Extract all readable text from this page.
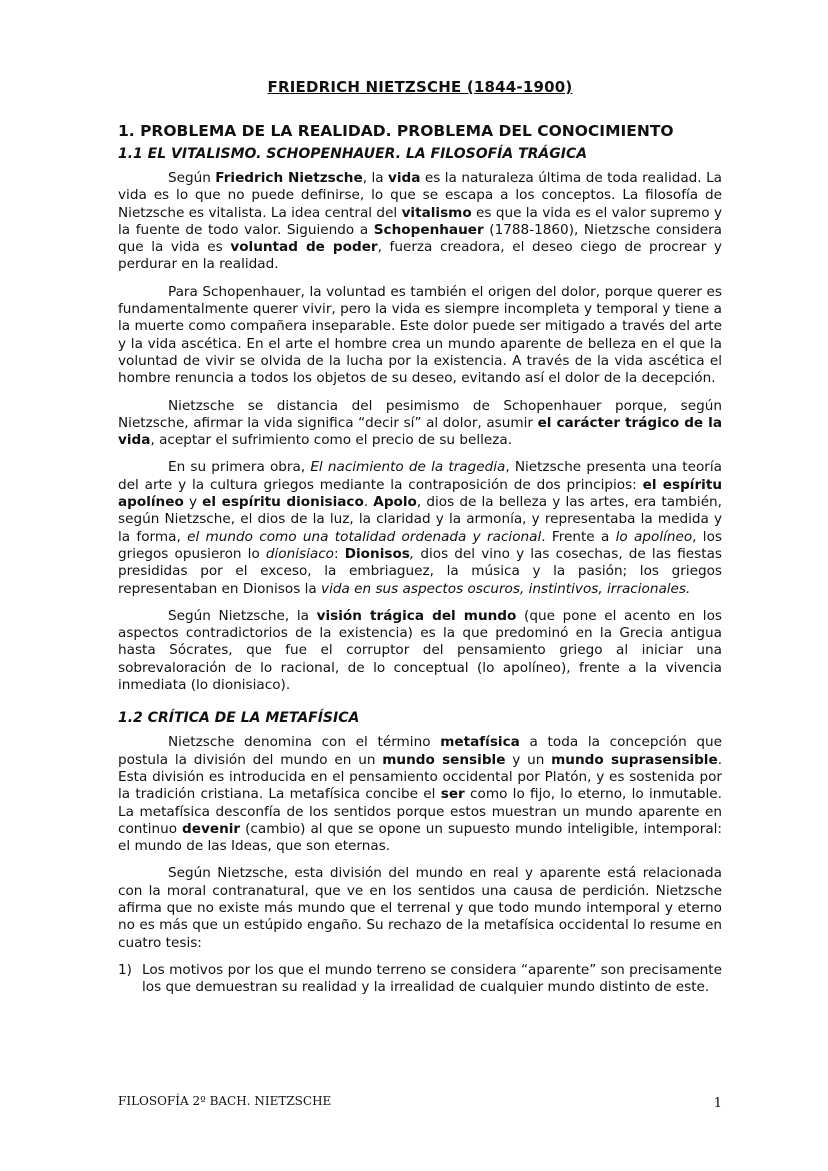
FRIEDRICH NIETZSCHE (1844-1900)
1. PROBLEMA DE LA REALIDAD. PROBLEMA DEL CONOCIMIENTO
1.1 EL VITALISMO. SCHOPENHAUER. LA FILOSOFÍA TRÁGICA

Según Friedrich Nietzsche, la vida es la naturaleza última de toda realidad. La vida es lo que no puede definirse, lo que se escapa a los conceptos. La filosofía de Nietzsche es vitalista. La idea central del vitalismo es que la vida es el valor supremo y la fuente de todo valor. Siguiendo a Schopenhauer (1788-1860), Nietzsche considera que la vida es voluntad de poder, fuerza creadora, el deseo ciego de procrear y perdurar en la realidad.

Para Schopenhauer, la voluntad es también el origen del dolor, porque querer es fundamentalmente querer vivir, pero la vida es siempre incompleta y temporal y tiene a la muerte como compañera inseparable. Este dolor puede ser mitigado a través del arte y la vida ascética. En el arte el hombre crea un mundo aparente de belleza en el que la voluntad de vivir se olvida de la lucha por la existencia. A través de la vida ascética el hombre renuncia a todos los objetos de su deseo, evitando así el dolor de la decepción.

Nietzsche se distancia del pesimismo de Schopenhauer porque, según Nietzsche, afirmar la vida significa “decir sí” al dolor, asumir el carácter trágico de la vida, aceptar el sufrimiento como el precio de su belleza.

En su primera obra, El nacimiento de la tragedia, Nietzsche presenta una teoría del arte y la cultura griegos mediante la contraposición de dos principios: el espíritu apolíneo y el espíritu dionisiaco. Apolo, dios de la belleza y las artes, era también, según Nietzsche, el dios de la luz, la claridad y la armonía, y representaba la medida y la forma, el mundo como una totalidad ordenada y racional. Frente a lo apolíneo, los griegos opusieron lo dionisiaco: Dionisos, dios del vino y las cosechas, de las fiestas presididas por el exceso, la embriaguez, la música y la pasión; los griegos representaban en Dionisos la vida en sus aspectos oscuros, instintivos, irracionales.

Según Nietzsche, la visión trágica del mundo (que pone el acento en los aspectos contradictorios de la existencia) es la que predominó en la Grecia antigua hasta Sócrates, que fue el corruptor del pensamiento griego al iniciar una sobrevaloración de lo racional, de lo conceptual (lo apolíneo), frente a la vivencia inmediata (lo dionisiaco).

1.2 CRÍTICA DE LA METAFÍSICA

Nietzsche denomina con el término metafísica a toda la concepción que postula la división del mundo en un mundo sensible y un mundo suprasensible. Esta división es introducida en el pensamiento occidental por Platón, y es sostenida por la tradición cristiana. La metafísica concibe el ser como lo fijo, lo eterno, lo inmutable. La metafísica desconfía de los sentidos porque estos muestran un mundo aparente en continuo devenir (cambio) al que se opone un supuesto mundo inteligible, intemporal: el mundo de las Ideas, que son eternas.

Según Nietzsche, esta división del mundo en real y aparente está relacionada con la moral contranatural, que ve en los sentidos una causa de perdición. Nietzsche afirma que no existe más mundo que el terrenal y que todo mundo intemporal y eterno no es más que un estúpido engaño. Su rechazo de la metafísica occidental lo resume en cuatro tesis:

1) Los motivos por los que el mundo terreno se considera “aparente” son precisamente los que demuestran su realidad y la irrealidad de cualquier mundo distinto de este.
FILOSOFÍA 2º BACH. NIETZSCHE	1
